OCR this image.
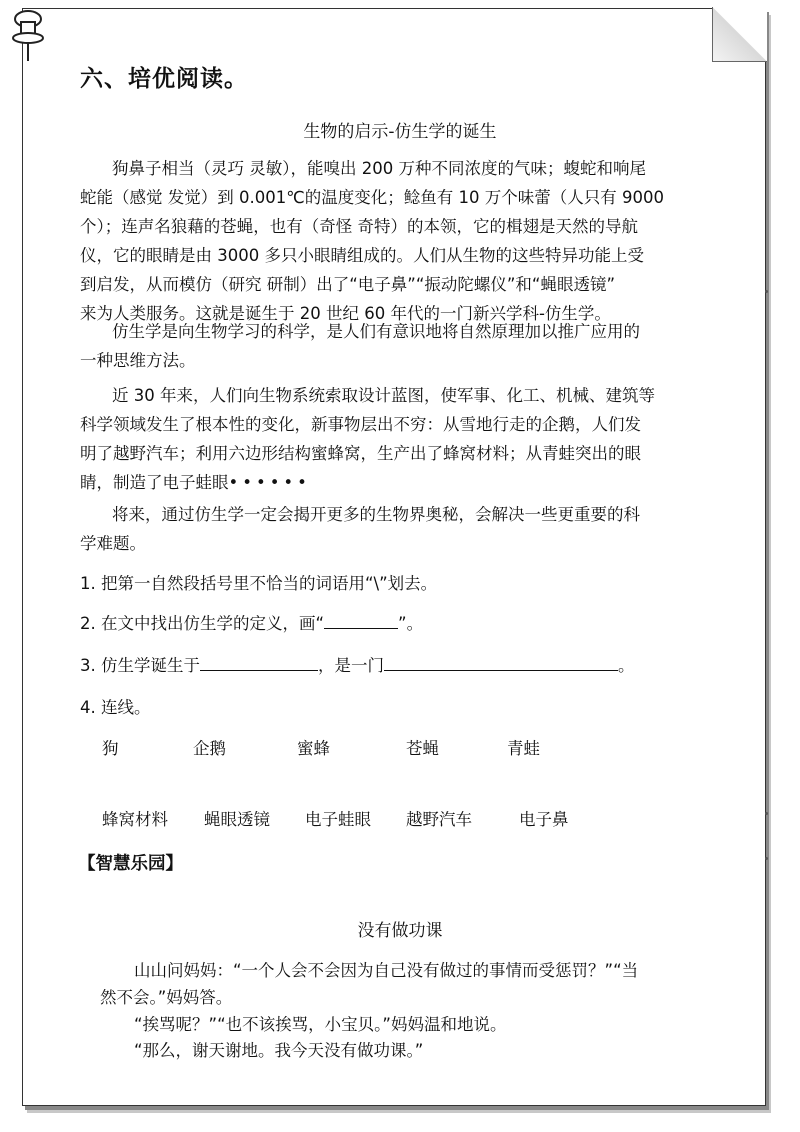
六、培优阅读。
生物的启示-仿生学的诞生
狗鼻子相当（灵巧 灵敏），能嗅出 200 万种不同浓度的气味；蝮蛇和响尾
蛇能（感觉 发觉）到 0.001℃的温度变化；鲶鱼有 10 万个味蕾（人只有 9000
个）；连声名狼藉的苍蝇，也有（奇怪 奇特）的本领，它的楫翅是天然的导航
仪，它的眼睛是由 3000 多只小眼睛组成的。人们从生物的这些特异功能上受
到启发，从而模仿（研究 研制）出了“电子鼻”“振动陀螺仪”和“蝇眼透镜”
来为人类服务。这就是诞生于 20 世纪 60 年代的一门新兴学科-仿生学。
仿生学是向生物学习的科学，是人们有意识地将自然原理加以推广应用的
一种思维方法。
近 30 年来，人们向生物系统索取设计蓝图，使军事、化工、机械、建筑等
科学领域发生了根本性的变化，新事物层出不穷：从雪地行走的企鹅，人们发
明了越野汽车；利用六边形结构蜜蜂窝，生产出了蜂窝材料；从青蛙突出的眼
睛，制造了电子蛙眼••••••
将来，通过仿生学一定会揭开更多的生物界奥秘，会解决一些更重要的科
学难题。
1. 把第一自然段括号里不恰当的词语用“\”划去。
2. 在文中找出仿生学的定义，画“	”。
3. 仿生学诞生于	，是一门	。
4. 连线。
狗	企鹅	蜜蜂	苍蝇	青蛙
蜂窝材料 蝇眼透镜 电子蛙眼 越野汽车	电子鼻
【智慧乐园】
没有做功课
山山问妈妈：“一个人会不会因为自己没有做过的事情而受惩罚？”“当
然不会。”妈妈答。
“挨骂呢？”“也不该挨骂，小宝贝。”妈妈温和地说。
“那么，谢天谢地。我今天没有做功课。”
